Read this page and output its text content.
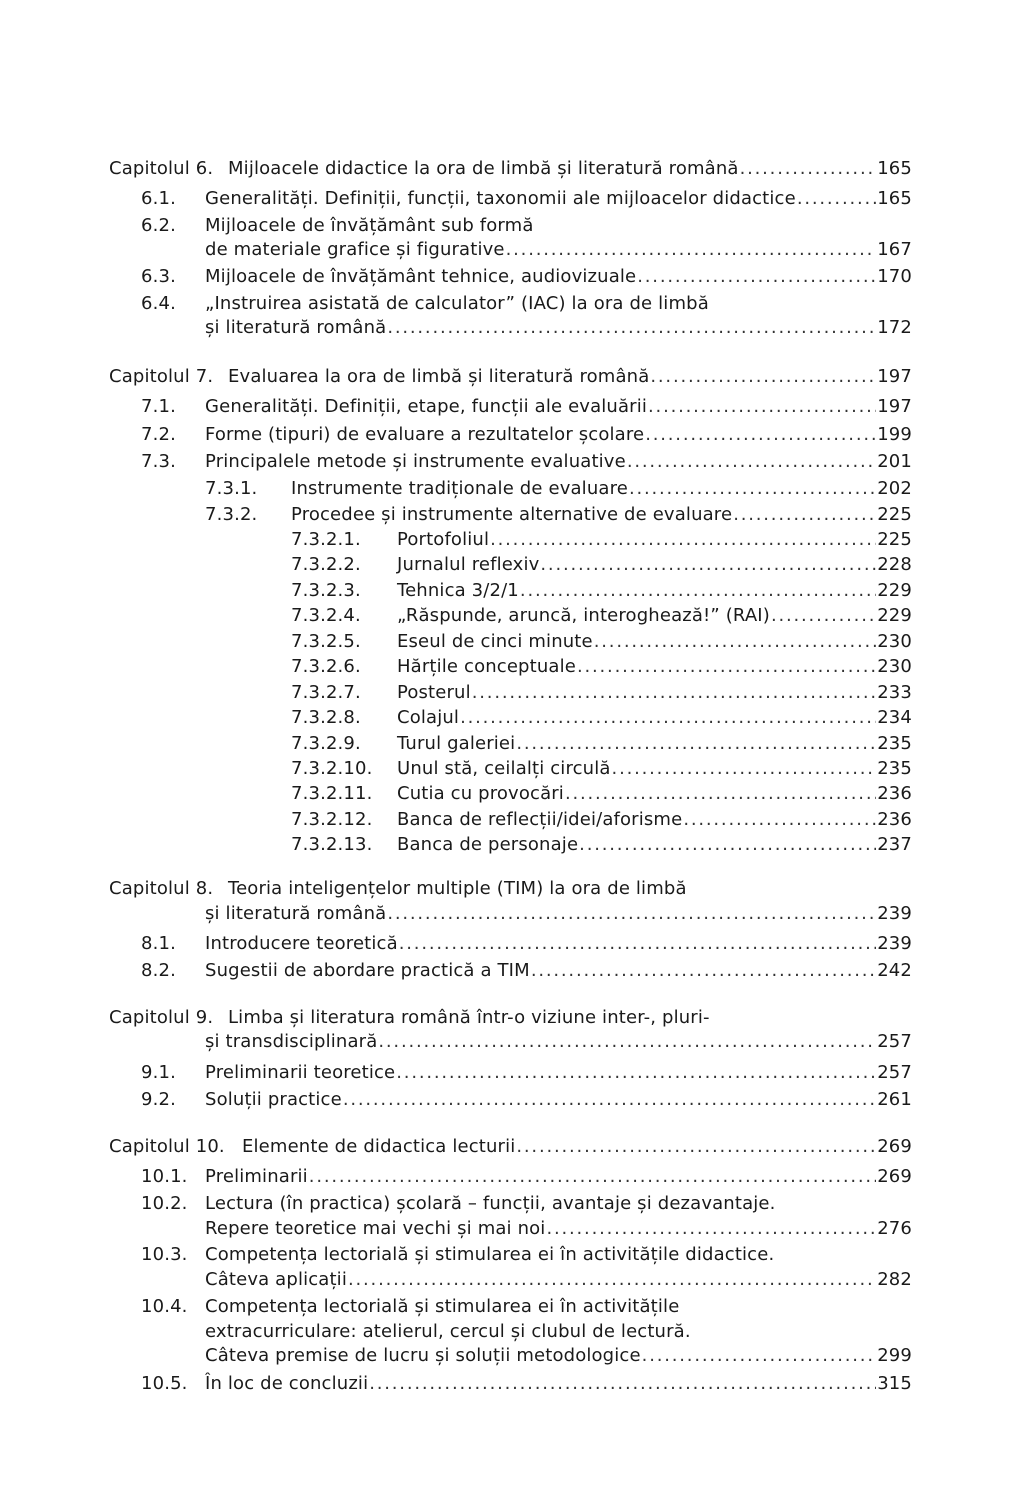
Capitolul 6. Mijloacele didactice la ora de limbă și literatură română .....	165
6.1. Generalități. Definiții, funcții, taxonomii ale mijloacelor didactice .....	165
6.2. Mijloacele de învățământ sub formă
de materiale grafice și figurative .....	167
6.3. Mijloacele de învățământ tehnice, audiovizuale .....	170
6.4. „Instruirea asistată de calculator” (IAC) la ora de limbă
și literatură română .....	172
Capitolul 7. Evaluarea la ora de limbă și literatură română .....	197
7.1. Generalități. Definiții, etape, funcții ale evaluării .....	197
7.2. Forme (tipuri) de evaluare a rezultatelor școlare .....	199
7.3. Principalele metode și instrumente evaluative .....	201
7.3.1. Instrumente tradiționale de evaluare .....	202
7.3.2. Procedee și instrumente alternative de evaluare .....	225
7.3.2.1. Portofoliul .....	225
7.3.2.2. Jurnalul reflexiv .....	228
7.3.2.3. Tehnica 3/2/1 .....	229
7.3.2.4. „Răspunde, aruncă, interoghează!” (RAI) .....	229
7.3.2.5. Eseul de cinci minute .....	230
7.3.2.6. Hărțile conceptuale .....	230
7.3.2.7. Posterul .....	233
7.3.2.8. Colajul .....	234
7.3.2.9. Turul galeriei .....	235
7.3.2.10. Unul stă, ceilalți circulă .....	235
7.3.2.11. Cutia cu provocări .....	236
7.3.2.12. Banca de reflecții/idei/aforisme .....	236
7.3.2.13. Banca de personaje .....	237
Capitolul 8. Teoria inteligențelor multiple (TIM) la ora de limbă
și literatură română .....	239
8.1. Introducere teoretică .....	239
8.2. Sugestii de abordare practică a TIM .....	242
Capitolul 9. Limba și literatura română într-o viziune inter-, pluri-
și transdisciplinară .....	257
9.1. Preliminarii teoretice .....	257
9.2. Soluții practice .....	261
Capitolul 10. Elemente de didactica lecturii .....	269
10.1. Preliminarii .....	269
10.2. Lectura (în practica) școlară – funcții, avantaje și dezavantaje.
Repere teoretice mai vechi și mai noi .....	276
10.3. Competența lectorială și stimularea ei în activitățile didactice.
Câteva aplicații .....	282
10.4. Competența lectorială și stimularea ei în activitățile
extracurriculare: atelierul, cercul și clubul de lectură.
Câteva premise de lucru și soluții metodologice .....	299
10.5. În loc de concluzii .....	315
